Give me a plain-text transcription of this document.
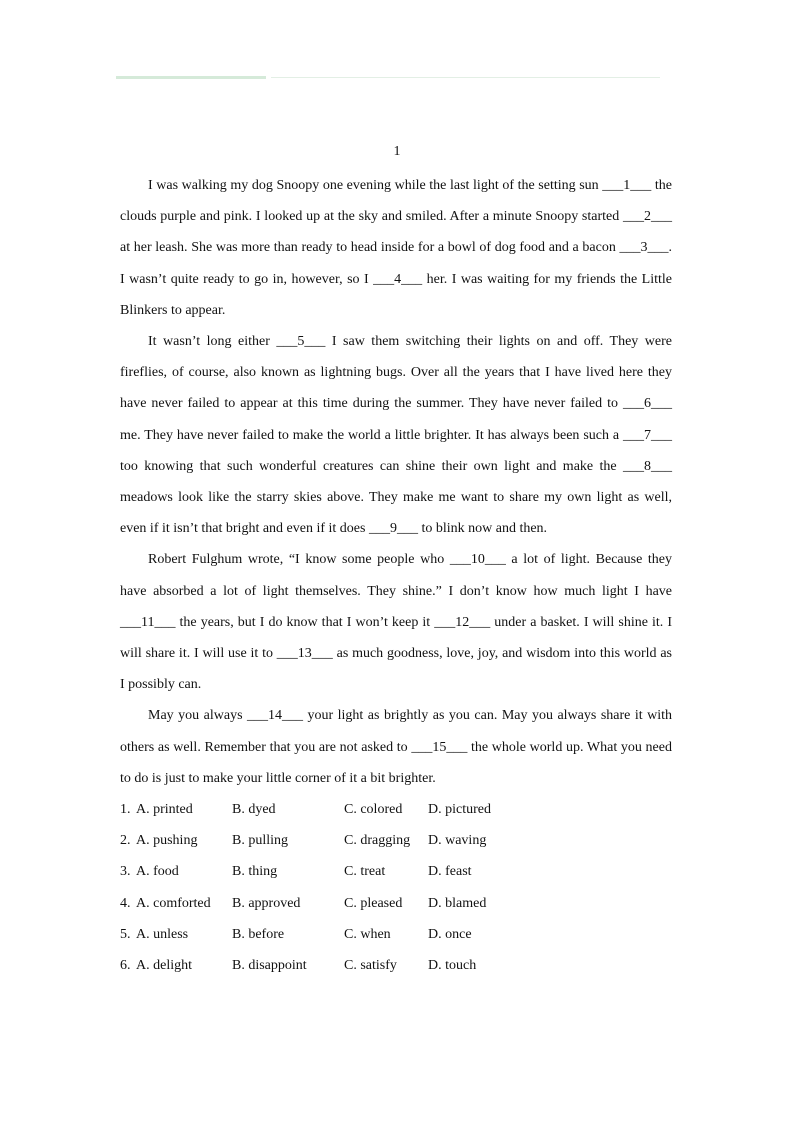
1

I was walking my dog Snoopy one evening while the last light of the setting sun ___1___ the clouds purple and pink. I looked up at the sky and smiled. After a minute Snoopy started ___2___ at her leash. She was more than ready to head inside for a bowl of dog food and a bacon ___3___. I wasn’t quite ready to go in, however, so I ___4___ her. I was waiting for my friends the Little Blinkers to appear.

It wasn’t long either ___5___ I saw them switching their lights on and off. They were fireflies, of course, also known as lightning bugs. Over all the years that I have lived here they have never failed to appear at this time during the summer. They have never failed to ___6___ me. They have never failed to make the world a little brighter. It has always been such a ___7___ too knowing that such wonderful creatures can shine their own light and make the ___8___ meadows look like the starry skies above. They make me want to share my own light as well, even if it isn’t that bright and even if it does ___9___ to blink now and then.

Robert Fulghum wrote, “I know some people who ___10___ a lot of light. Because they have absorbed a lot of light themselves. They shine.” I don’t know how much light I have ___11___ the years, but I do know that I won’t keep it ___12___ under a basket. I will shine it. I will share it. I will use it to ___13___ as much goodness, love, joy, and wisdom into this world as I possibly can.

May you always ___14___ your light as brightly as you can. May you always share it with others as well. Remember that you are not asked to ___15___ the whole world up. What you need to do is just to make your little corner of it a bit brighter.

1. A. printed	B. dyed	C. colored	D. pictured
2. A. pushing	B. pulling	C. dragging	D. waving
3. A. food	B. thing	C. treat	D. feast
4. A. comforted	B. approved	C. pleased	D. blamed
5. A. unless	B. before	C. when	D. once
6. A. delight	B. disappoint	C. satisfy	D. touch
